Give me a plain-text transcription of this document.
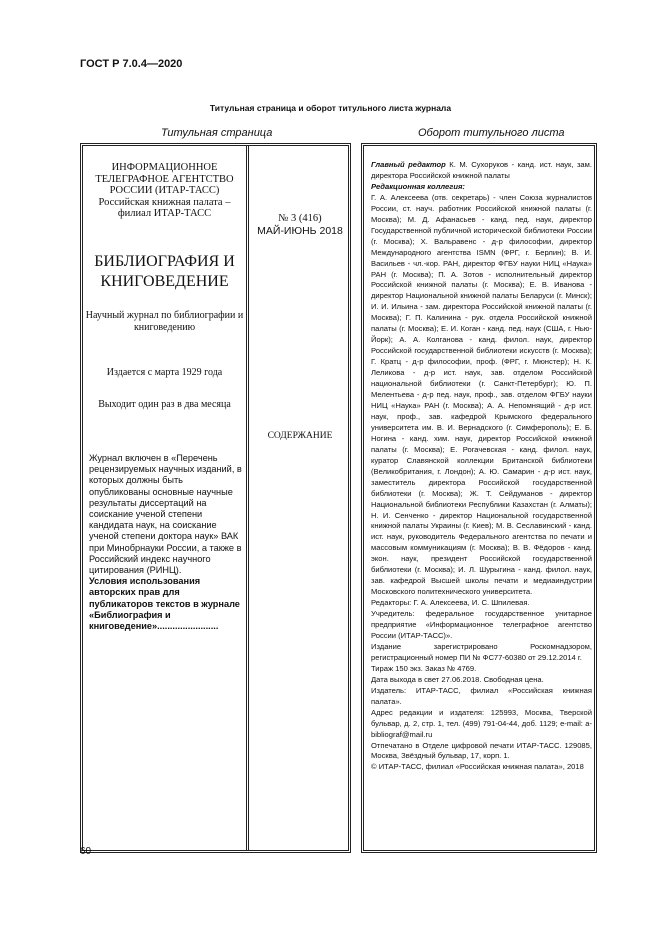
ГОСТ Р 7.0.4—2020
Титульная страница и оборот титульного листа журнала
Титульная страница	Оборот титульного листа
ИНФОРМАЦИОННОЕ ТЕЛЕГРАФНОЕ АГЕНТСТВО РОССИИ (ИТАР-ТАСС) Российская книжная палата – филиал ИТАР-ТАСС
БИБЛИОГРАФИЯ И КНИГОВЕДЕНИЕ
Научный журнал по библиографии и книговедению
Издается с марта 1929 года
Выходит один раз в два месяца
Журнал включен в «Перечень рецензируемых научных изданий, в которых должны быть опубликованы основные научные результаты диссертаций на соискание ученой степени кандидата наук, на соискание ученой степени доктора наук» ВАК при Минобрнауки России, а также в Российский индекс научного цитирования (РИНЦ).
Условия использования авторских прав для публикаторов текстов в журнале «Библиография и книговедение»........................
№ 3 (416)
МАЙ-ИЮНЬ 2018
СОДЕРЖАНИЕ

Главный редактор К. М. Сухоруков - канд. ист. наук, зам. директора Российской книжной палаты

Редакционная коллегия:

Г. А. Алексеева (отв. секретарь) - член Союза журналистов России, ст. науч. работник Российской книжной палаты (г. Москва); М. Д. Афанасьев - канд. пед. наук, директор Государственной публичной исторической библиотеки России (г. Москва); Х. Вальравенс - д-р философии, директор Международного агентства ISMN (ФРГ, г. Берлин); В. И. Васильев - чл.-кор. РАН, директор ФГБУ науки НИЦ «Наука» РАН (г. Москва); П. А. Зотов - исполнительный директор Российской книжной палаты (г. Москва); Е. В. Иванова - директор Национальной книжной палаты Беларуси (г. Минск); И. И. Ильина - зам. директора Российской книжной палаты (г. Москва); Г. П. Калинина - рук. отдела Российской книжной палаты (г. Москва); Е. И. Коган - канд. пед. наук (США, г. Нью-Йорк); А. А. Колганова - канд. филол. наук, директор Российской государственной библиотеки искусств (г. Москва); Г. Кратц - д-р философии, проф. (ФРГ, г. Мюнстер); Н. К. Леликова - д-р ист. наук, зав. отделом Российской национальной библиотеки (г. Санкт-Петербург); Ю. П. Мелентьева - д-р пед. наук, проф., зав. отделом ФГБУ науки НИЦ «Наука» РАН (г. Москва); А. А. Непомнящий - д-р ист. наук, проф., зав. кафедрой Крымского федерального университета им. В. И. Вернадского (г. Симферополь); Е. Б. Ногина - канд. хим. наук, директор Российской книжной палаты (г. Москва); Е. Рогачевская - канд. филол. наук, куратор Славянской коллекции Британской библиотеки (Великобритания, г. Лондон); А. Ю. Самарин - д-р ист. наук, заместитель директора Российской государственной библиотеки (г. Москва); Ж. Т. Сейдуманов - директор Национальной библиотеки Республики Казахстан (г. Алматы); Н. И. Сенченко - директор Национальной государственной книжной палаты Украины (г. Киев); М. В. Сеславинский - канд. ист. наук, руководитель Федерального агентства по печати и массовым коммуникациям (г. Москва); В. В. Фёдоров - канд. экон. наук, президент Российской государственной библиотеки (г. Москва); И. Л. Шурыгина - канд. филол. наук, зав. кафедрой Высшей школы печати и медиаиндустрии Московского политехнического университета.

Редакторы: Г. А. Алексеева, И. С. Шпилевая.

Учредитель: федеральное государственное унитарное предприятие «Информационное телеграфное агентство России (ИТАР-ТАСС)».

Издание зарегистрировано Роскомнадзором, регистрационный номер ПИ № ФС77-60380 от 29.12.2014 г.

Тираж 150 экз. Заказ № 4769.

Дата выхода в свет 27.06.2018. Свободная цена.

Издатель: ИТАР-ТАСС, филиал «Российская книжная палата».

Адрес редакции и издателя: 125993, Москва, Тверской бульвар, д. 2, стр. 1, тел. (499) 791-04-44, доб. 1129; e-mail: a-bibliograf@mail.ru

Отпечатано в Отделе цифровой печати ИТАР-ТАСС. 129085, Москва, Звёздный бульвар, 17, корп. 1.

© ИТАР-ТАСС, филиал «Российская книжная палата», 2018

60
